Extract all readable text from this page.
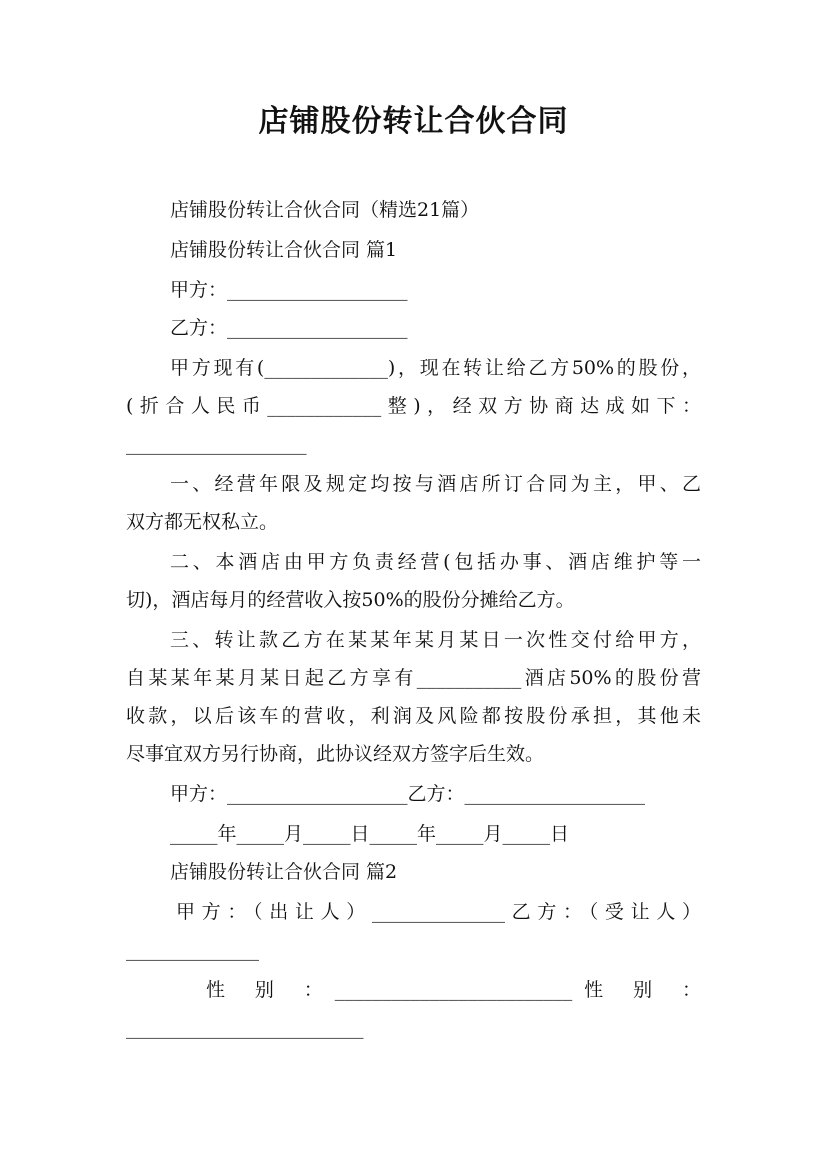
店铺股份转让合伙合同
店铺股份转让合伙合同（精选21篇）
店铺股份转让合伙合同 篇1
甲方：___________________
乙方：___________________
甲方现有(_____________)，现在转让给乙方50%的股份，
(折合人民币____________整)，经双方协商达成如下：
___________________
一、经营年限及规定均按与酒店所订合同为主，甲、乙
双方都无权私立。
二、本酒店由甲方负责经营(包括办事、酒店维护等一
切)，酒店每月的经营收入按50%的股份分摊给乙方。
三、转让款乙方在某某年某月某日一次性交付给甲方，
自某某年某月某日起乙方享有___________酒店50%的股份营
收款，以后该车的营收，利润及风险都按股份承担，其他未
尽事宜双方另行协商，此协议经双方签字后生效。
甲方：___________________乙方：___________________
_____年_____月_____日_____年_____月_____日
店铺股份转让合伙合同 篇2
甲方：（出让人）______________乙方：（受让人）
______________
性 别 ：_________________________性 别 ：
_________________________
